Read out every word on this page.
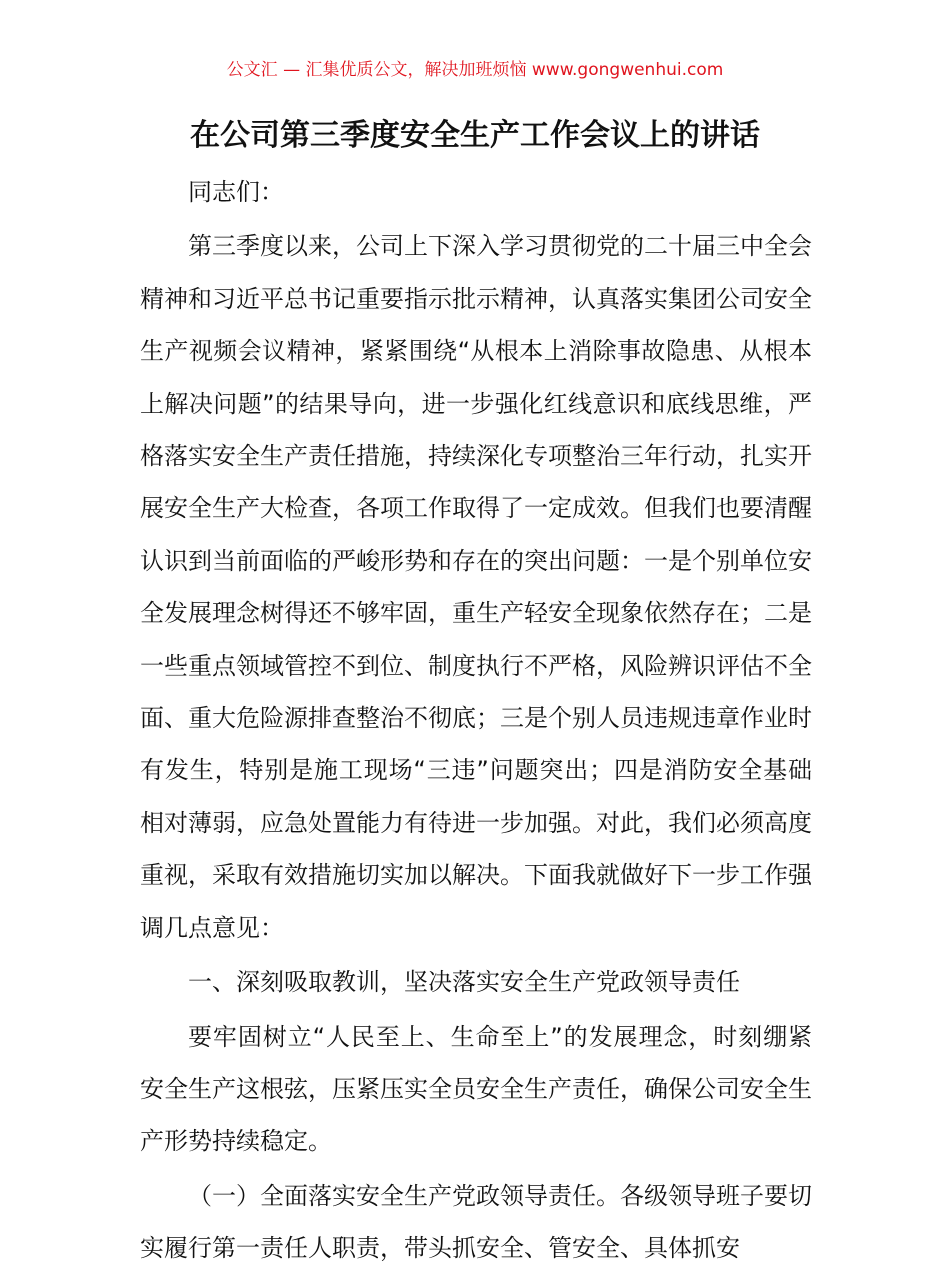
公文汇 — 汇集优质公文，解决加班烦恼 www.gongwenhui.com
在公司第三季度安全生产工作会议上的讲话

同志们：

第三季度以来，公司上下深入学习贯彻党的二十届三中全会精神和习近平总书记重要指示批示精神，认真落实集团公司安全生产视频会议精神，紧紧围绕“从根本上消除事故隐患、从根本上解决问题”的结果导向，进一步强化红线意识和底线思维，严格落实安全生产责任措施，持续深化专项整治三年行动，扎实开展安全生产大检查，各项工作取得了一定成效。但我们也要清醒认识到当前面临的严峻形势和存在的突出问题：一是个别单位安全发展理念树得还不够牢固，重生产轻安全现象依然存在；二是一些重点领域管控不到位、制度执行不严格，风险辨识评估不全面、重大危险源排查整治不彻底；三是个别人员违规违章作业时有发生，特别是施工现场“三违”问题突出；四是消防安全基础相对薄弱，应急处置能力有待进一步加强。对此，我们必须高度重视，采取有效措施切实加以解决。下面我就做好下一步工作强调几点意见：

一、深刻吸取教训，坚决落实安全生产党政领导责任

要牢固树立“人民至上、生命至上”的发展理念，时刻绷紧安全生产这根弦，压紧压实全员安全生产责任，确保公司安全生产形势持续稳定。

（一）全面落实安全生产党政领导责任。各级领导班子要切实履行第一责任人职责，带头抓安全、管安全、具体抓安
